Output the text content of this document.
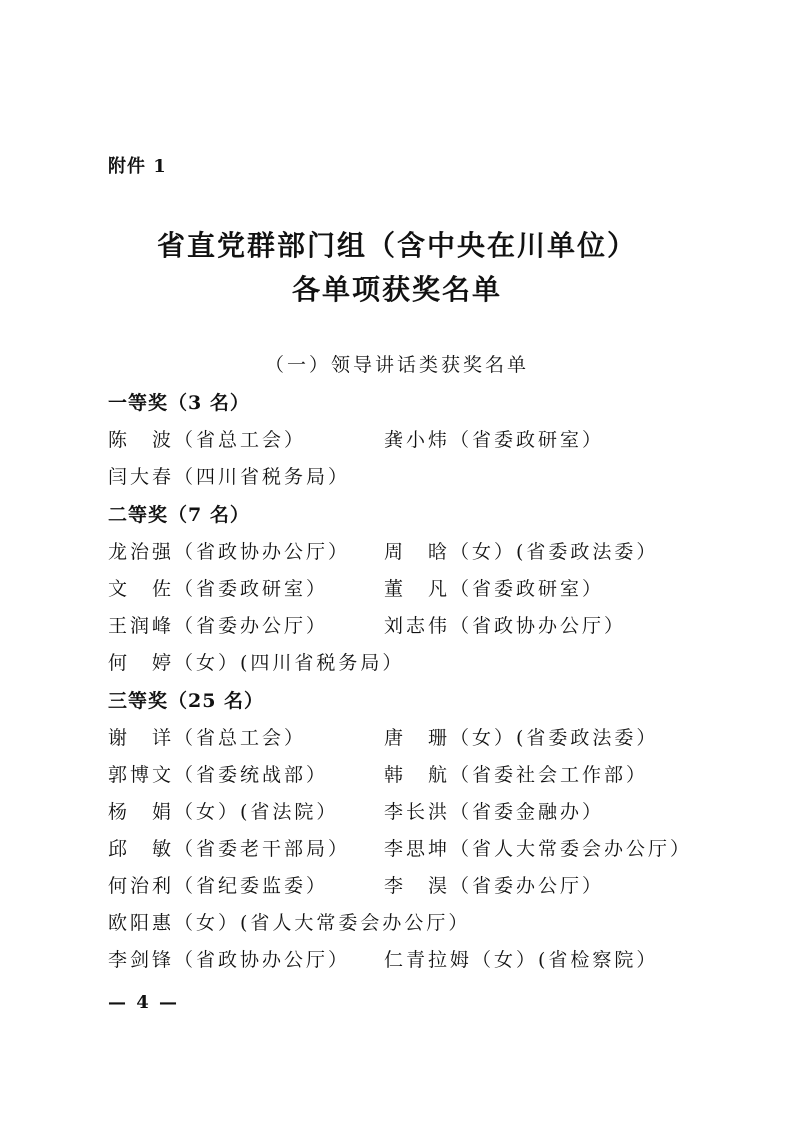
附件 1
省直党群部门组（含中央在川单位）
各单项获奖名单
（一）领导讲话类获奖名单
一等奖（3 名）
陈　波（省总工会）	龚小炜（省委政研室）
闫大春（四川省税务局）
二等奖（7 名）
龙治强（省政协办公厅） 周　晗（女）(省委政法委）
文　佐（省委政研室）	董　凡（省委政研室）
王润峰（省委办公厅）	刘志伟（省政协办公厅）
何　婷（女）(四川省税务局）
三等奖（25 名）
谢　详（省总工会）	唐　珊（女）(省委政法委）
郭博文（省委统战部）	韩　航（省委社会工作部）
杨　娟（女）(省法院） 李长洪（省委金融办）
邱　敏（省委老干部局） 李思坤（省人大常委会办公厅）
何治利（省纪委监委）	李　淏（省委办公厅）
欧阳惠（女）(省人大常委会办公厅）
李剑锋（省政协办公厅） 仁青拉姆（女）(省检察院）
— 4 —
